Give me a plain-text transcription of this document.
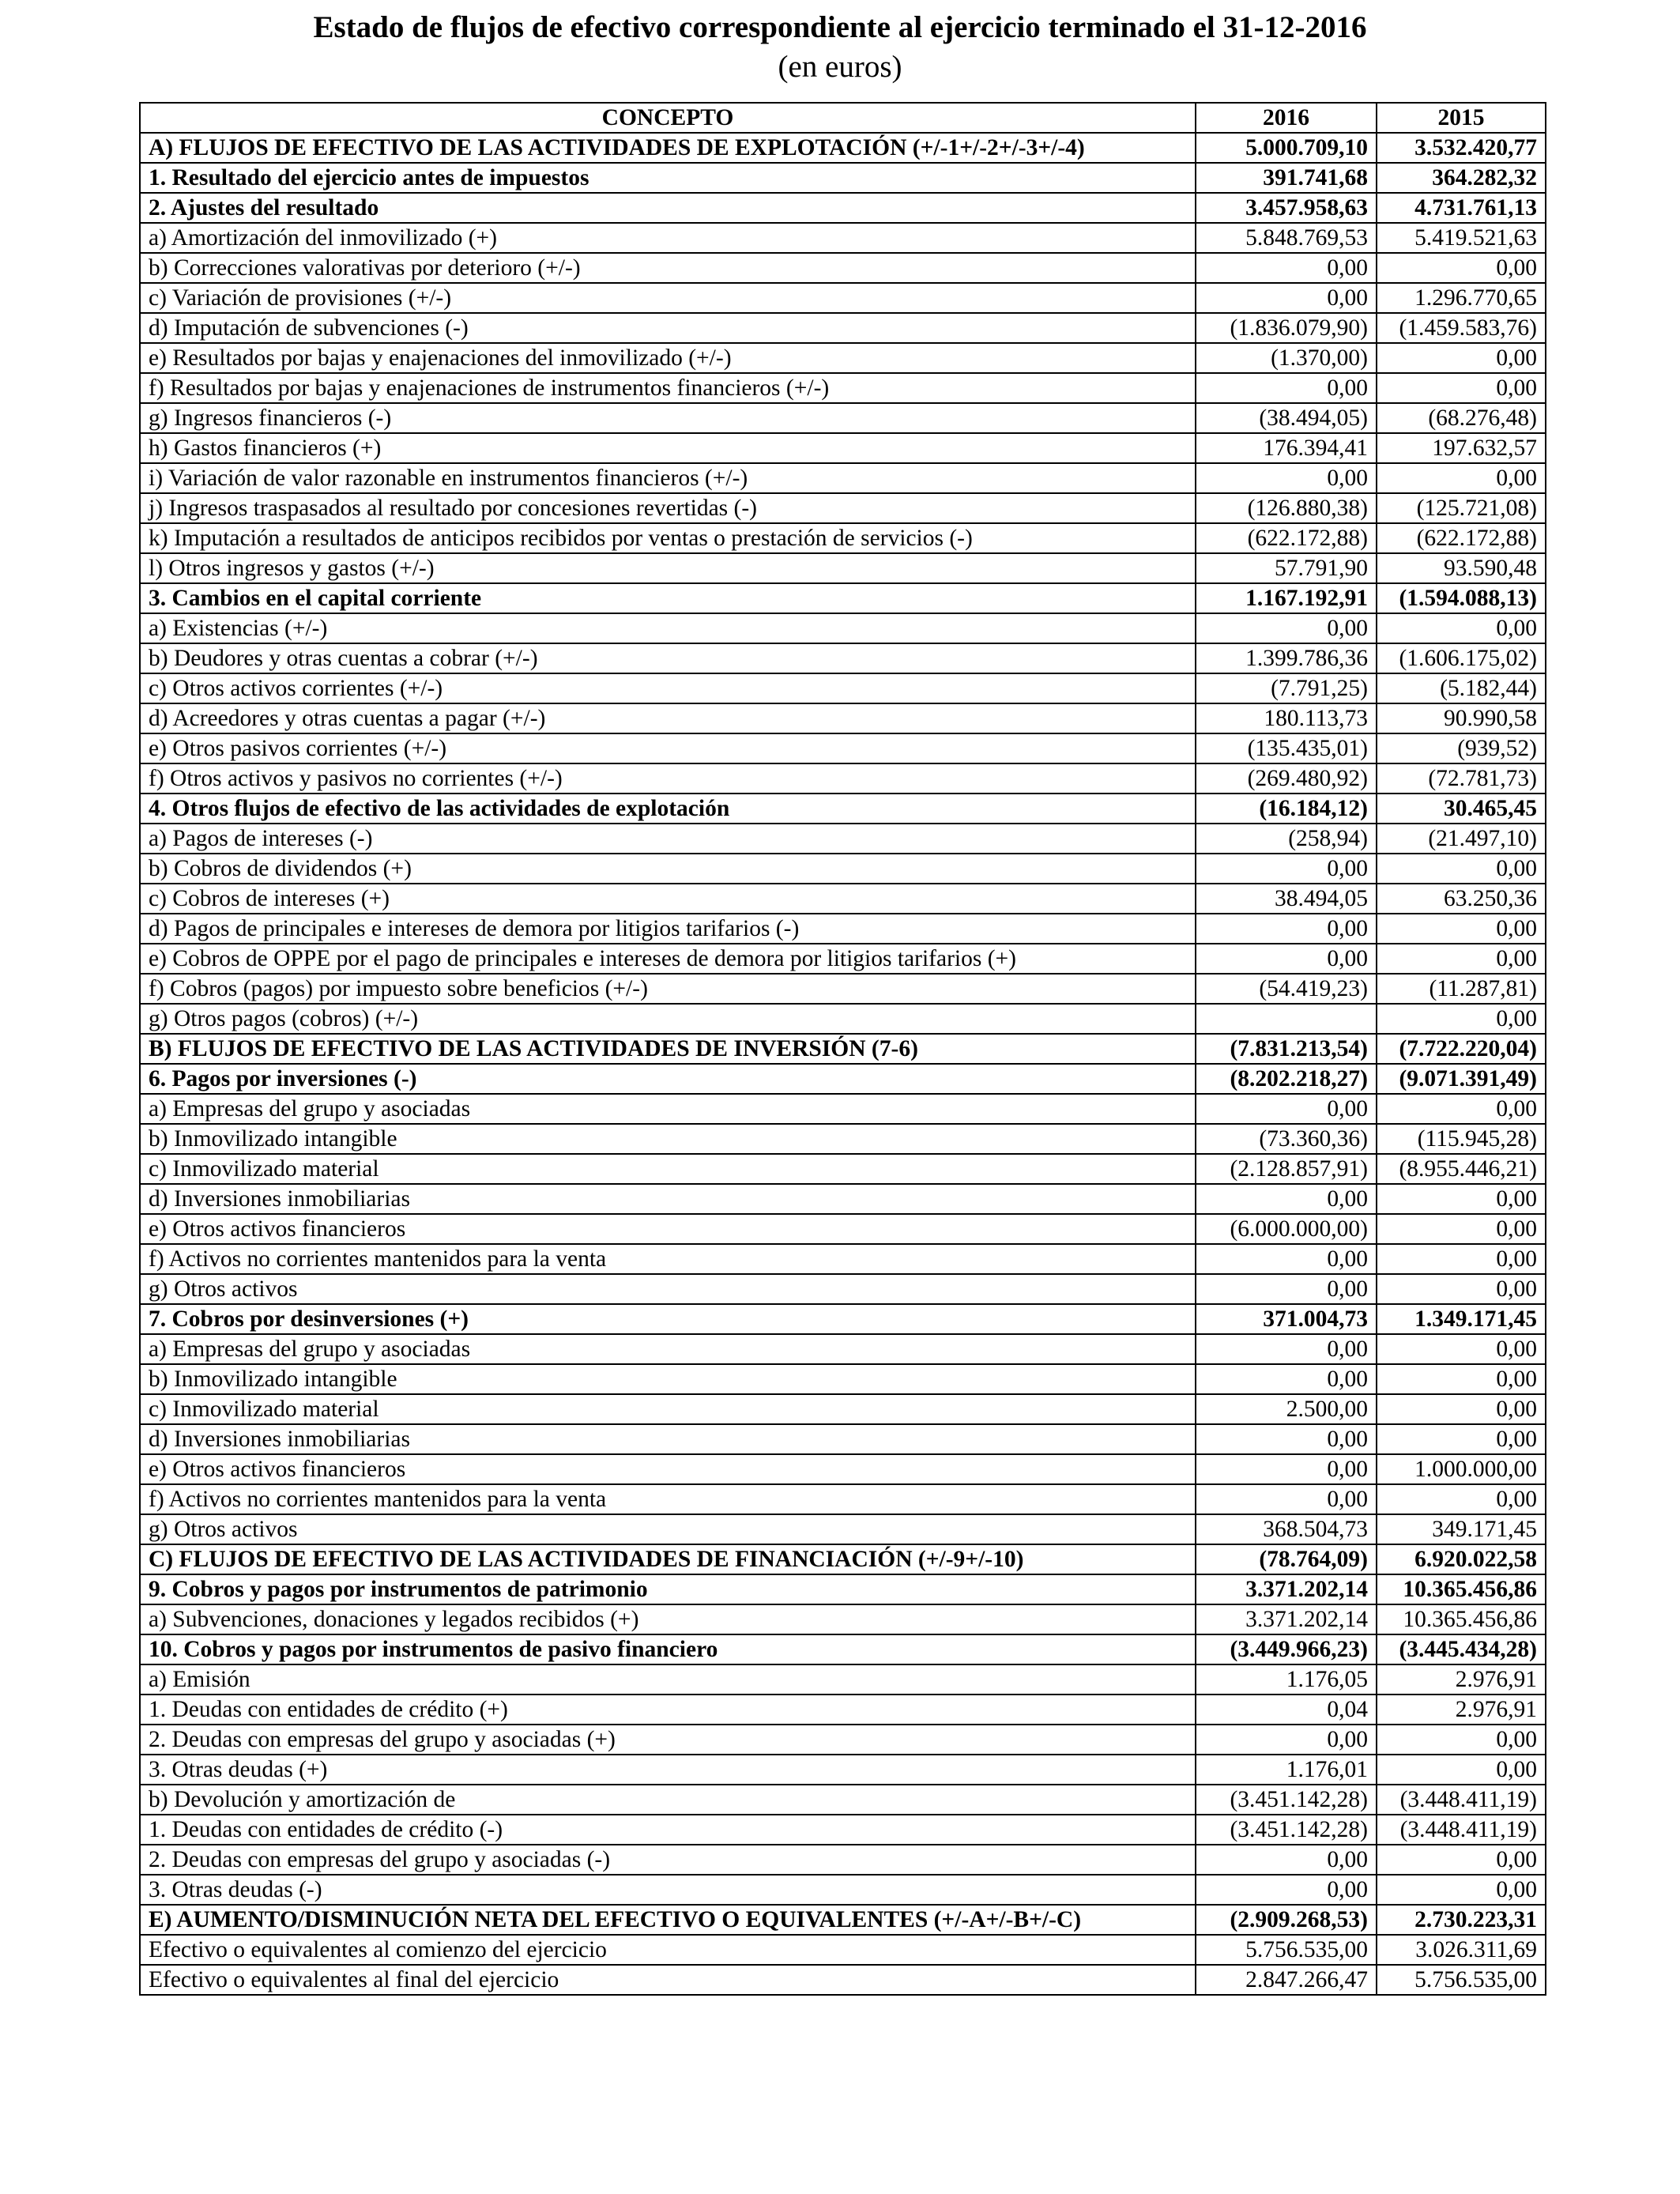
Estado de flujos de efectivo correspondiente al ejercicio terminado el 31-12-2016
(en euros)
CONCEPTO	2016	2015
A) FLUJOS DE EFECTIVO DE LAS ACTIVIDADES DE EXPLOTACIÓN (+/-1+/-2+/-3+/-4)	5.000.709,10	3.532.420,77
1. Resultado del ejercicio antes de impuestos	391.741,68	364.282,32
2. Ajustes del resultado	3.457.958,63	4.731.761,13
a) Amortización del inmovilizado (+)	5.848.769,53	5.419.521,63
b) Correcciones valorativas por deterioro (+/-)	0,00	0,00
c) Variación de provisiones (+/-)	0,00	1.296.770,65
d) Imputación de subvenciones (-)	(1.836.079,90)	(1.459.583,76)
e) Resultados por bajas y enajenaciones del inmovilizado (+/-)	(1.370,00)	0,00
f) Resultados por bajas y enajenaciones de instrumentos financieros (+/-)	0,00	0,00
g) Ingresos financieros (-)	(38.494,05)	(68.276,48)
h) Gastos financieros (+)	176.394,41	197.632,57
i) Variación de valor razonable en instrumentos financieros (+/-)	0,00	0,00
j) Ingresos traspasados al resultado por concesiones revertidas (-)	(126.880,38)	(125.721,08)
k) Imputación a resultados de anticipos recibidos por ventas o prestación de servicios (-)	(622.172,88)	(622.172,88)
l) Otros ingresos y gastos (+/-)	57.791,90	93.590,48
3. Cambios en el capital corriente	1.167.192,91	(1.594.088,13)
a) Existencias (+/-)	0,00	0,00
b) Deudores y otras cuentas a cobrar (+/-)	1.399.786,36	(1.606.175,02)
c) Otros activos corrientes (+/-)	(7.791,25)	(5.182,44)
d) Acreedores y otras cuentas a pagar (+/-)	180.113,73	90.990,58
e) Otros pasivos corrientes (+/-)	(135.435,01)	(939,52)
f) Otros activos y pasivos no corrientes (+/-)	(269.480,92)	(72.781,73)
4. Otros flujos de efectivo de las actividades de explotación	(16.184,12)	30.465,45
a) Pagos de intereses (-)	(258,94)	(21.497,10)
b) Cobros de dividendos (+)	0,00	0,00
c) Cobros de intereses (+)	38.494,05	63.250,36
d) Pagos de principales e intereses de demora por litigios tarifarios (-)	0,00	0,00
e) Cobros de OPPE por el pago de principales e intereses de demora por litigios tarifarios (+)	0,00	0,00
f) Cobros (pagos) por impuesto sobre beneficios (+/-)	(54.419,23)	(11.287,81)
g) Otros pagos (cobros) (+/-)		0,00
B) FLUJOS DE EFECTIVO DE LAS ACTIVIDADES DE INVERSIÓN (7-6)	(7.831.213,54)	(7.722.220,04)
6. Pagos por inversiones (-)	(8.202.218,27)	(9.071.391,49)
a) Empresas del grupo y asociadas	0,00	0,00
b) Inmovilizado intangible	(73.360,36)	(115.945,28)
c) Inmovilizado material	(2.128.857,91)	(8.955.446,21)
d) Inversiones inmobiliarias	0,00	0,00
e) Otros activos financieros	(6.000.000,00)	0,00
f) Activos no corrientes mantenidos para la venta	0,00	0,00
g) Otros activos	0,00	0,00
7. Cobros por desinversiones (+)	371.004,73	1.349.171,45
a) Empresas del grupo y asociadas	0,00	0,00
b) Inmovilizado intangible	0,00	0,00
c) Inmovilizado material	2.500,00	0,00
d) Inversiones inmobiliarias	0,00	0,00
e) Otros activos financieros	0,00	1.000.000,00
f) Activos no corrientes mantenidos para la venta	0,00	0,00
g) Otros activos	368.504,73	349.171,45
C) FLUJOS DE EFECTIVO DE LAS ACTIVIDADES DE FINANCIACIÓN (+/-9+/-10)	(78.764,09)	6.920.022,58
9. Cobros y pagos por instrumentos de patrimonio	3.371.202,14	10.365.456,86
a) Subvenciones, donaciones y legados recibidos (+)	3.371.202,14	10.365.456,86
10. Cobros y pagos por instrumentos de pasivo financiero	(3.449.966,23)	(3.445.434,28)
a) Emisión	1.176,05	2.976,91
1. Deudas con entidades de crédito (+)	0,04	2.976,91
2. Deudas con empresas del grupo y asociadas (+)	0,00	0,00
3. Otras deudas (+)	1.176,01	0,00
b) Devolución y amortización de	(3.451.142,28)	(3.448.411,19)
1. Deudas con entidades de crédito (-)	(3.451.142,28)	(3.448.411,19)
2. Deudas con empresas del grupo y asociadas (-)	0,00	0,00
3. Otras deudas (-)	0,00	0,00
E) AUMENTO/DISMINUCIÓN NETA DEL EFECTIVO O EQUIVALENTES (+/-A+/-B+/-C)	(2.909.268,53)	2.730.223,31
Efectivo o equivalentes al comienzo del ejercicio	5.756.535,00	3.026.311,69
Efectivo o equivalentes al final del ejercicio	2.847.266,47	5.756.535,00
